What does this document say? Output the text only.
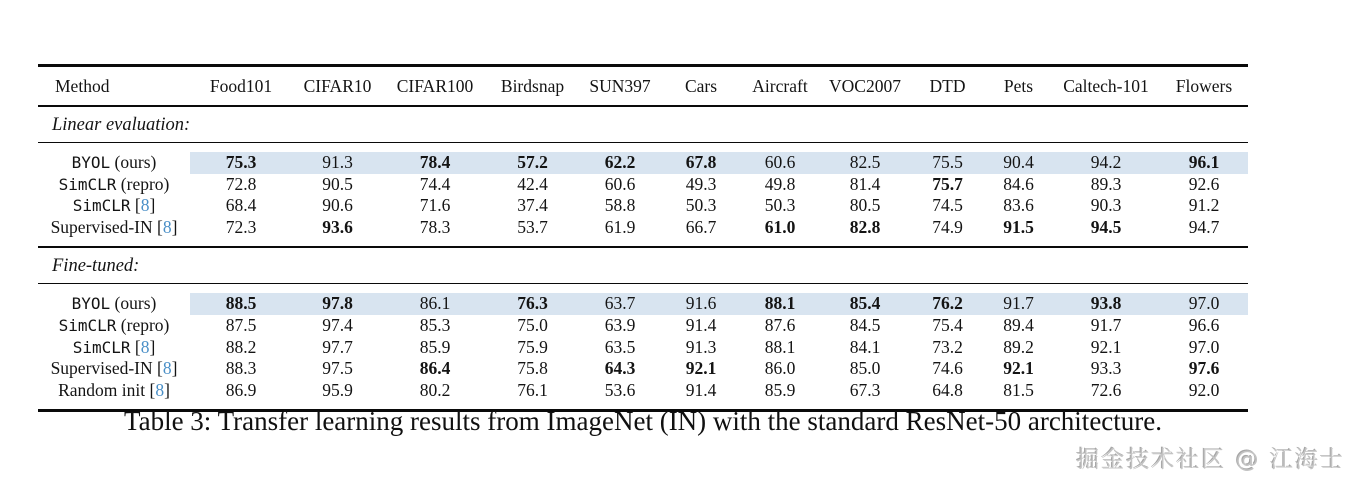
Method	Food101	CIFAR10	CIFAR100	Birdsnap	SUN397	Cars	Aircraft	VOC2007	DTD	Pets	Caltech-101	Flowers
Linear evaluation:												

BYOL (ours)	75.3	91.3	78.4	57.2	62.2	67.8	60.6	82.5	75.5	90.4	94.2	96.1
SimCLR (repro)	72.8	90.5	74.4	42.4	60.6	49.3	49.8	81.4	75.7	84.6	89.3	92.6
SimCLR [8]	68.4	90.6	71.6	37.4	58.8	50.3	50.3	80.5	74.5	83.6	90.3	91.2
Supervised-IN [8]	72.3	93.6	78.3	53.7	61.9	66.7	61.0	82.8	74.9	91.5	94.5	94.7

Fine-tuned:												

BYOL (ours)	88.5	97.8	86.1	76.3	63.7	91.6	88.1	85.4	76.2	91.7	93.8	97.0
SimCLR (repro)	87.5	97.4	85.3	75.0	63.9	91.4	87.6	84.5	75.4	89.4	91.7	96.6
SimCLR [8]	88.2	97.7	85.9	75.9	63.5	91.3	88.1	84.1	73.2	89.2	92.1	97.0
Supervised-IN [8]	88.3	97.5	86.4	75.8	64.3	92.1	86.0	85.0	74.6	92.1	93.3	97.6
Random init [8]	86.9	95.9	80.2	76.1	53.6	91.4	85.9	67.3	64.8	81.5	72.6	92.0

Table 3: Transfer learning results from ImageNet (IN) with the standard ResNet-50 architecture.
掘金技术社区 @ 江海士
